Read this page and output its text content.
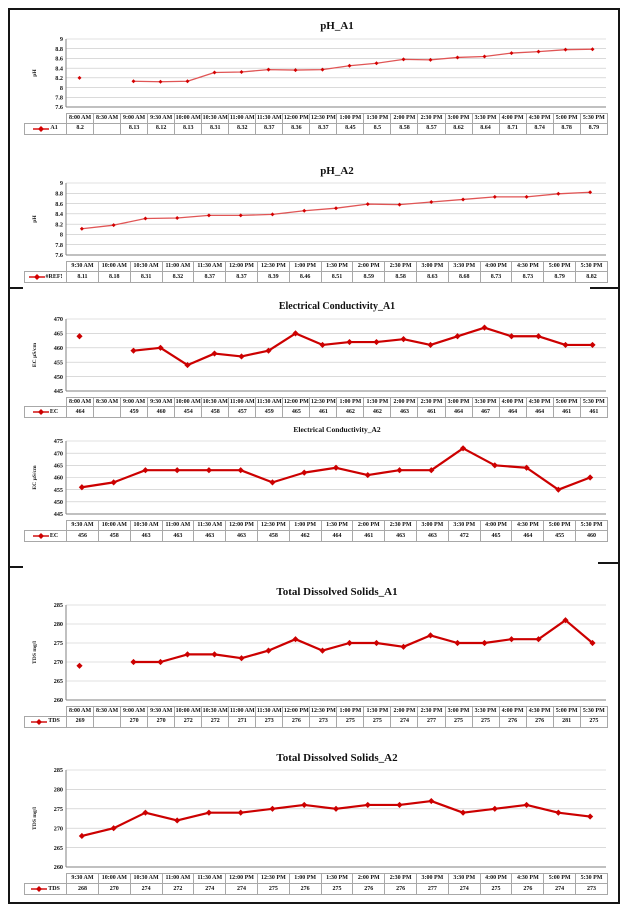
pH_A1
7.6
7.8
8
8.2
8.4
8.6
8.8
9
pH
	8:00 AM	8:30 AM	9:00 AM	9:30 AM	10:00 AM	10:30 AM	11:00 AM	11:30 AM	12:00 PM	12:30 PM	1:00 PM	1:30 PM	2:00 PM	2:30 PM	3:00 PM	3:30 PM	4:00 PM	4:30 PM	5:00 PM	5:30 PM

A1	8.2		8.13	8.12	8.13	8.31	8.32	8.37	8.36	8.37	8.45	8.5	8.58	8.57	8.62	8.64	8.71	8.74	8.78	8.79
pH_A2
7.6
7.8
8
8.2
8.4
8.6
8.8
9
pH
	9:30 AM	10:00 AM	10:30 AM	11:00 AM	11:30 AM	12:00 PM	12:30 PM	1:00 PM	1:30 PM	2:00 PM	2:30 PM	3:00 PM	3:30 PM	4:00 PM	4:30 PM	5:00 PM	5:30 PM

#REF!	8.11	8.18	8.31	8.32	8.37	8.37	8.39	8.46	8.51	8.59	8.58	8.63	8.68	8.73	8.73	8.79	8.82
Electrical Conductivity_A1
445
450
455
460
465
470
EC µS/cm
	8:00 AM	8:30 AM	9:00 AM	9:30 AM	10:00 AM	10:30 AM	11:00 AM	11:30 AM	12:00 PM	12:30 PM	1:00 PM	1:30 PM	2:00 PM	2:30 PM	3:00 PM	3:30 PM	4:00 PM	4:30 PM	5:00 PM	5:30 PM

EC	464		459	460	454	458	457	459	465	461	462	462	463	461	464	467	464	464	461	461
Electrical Conductivity_A2
445
450
455
460
465
470
475
EC µS/cm
	9:30 AM	10:00 AM	10:30 AM	11:00 AM	11:30 AM	12:00 PM	12:30 PM	1:00 PM	1:30 PM	2:00 PM	2:30 PM	3:00 PM	3:30 PM	4:00 PM	4:30 PM	5:00 PM	5:30 PM

EC	456	458	463	463	463	463	458	462	464	461	463	463	472	465	464	455	460
Total Dissolved Solids_A1
260
265
270
275
280
285
TDS mg/l
	8:00 AM	8:30 AM	9:00 AM	9:30 AM	10:00 AM	10:30 AM	11:00 AM	11:30 AM	12:00 PM	12:30 PM	1:00 PM	1:30 PM	2:00 PM	2:30 PM	3:00 PM	3:30 PM	4:00 PM	4:30 PM	5:00 PM	5:30 PM

TDS	269		270	270	272	272	271	273	276	273	275	275	274	277	275	275	276	276	281	275
Total Dissolved Solids_A2
260
265
270
275
280
285
TDS mg/l
	9:30 AM	10:00 AM	10:30 AM	11:00 AM	11:30 AM	12:00 PM	12:30 PM	1:00 PM	1:30 PM	2:00 PM	2:30 PM	3:00 PM	3:30 PM	4:00 PM	4:30 PM	5:00 PM	5:30 PM

TDS	268	270	274	272	274	274	275	276	275	276	276	277	274	275	276	274	273
